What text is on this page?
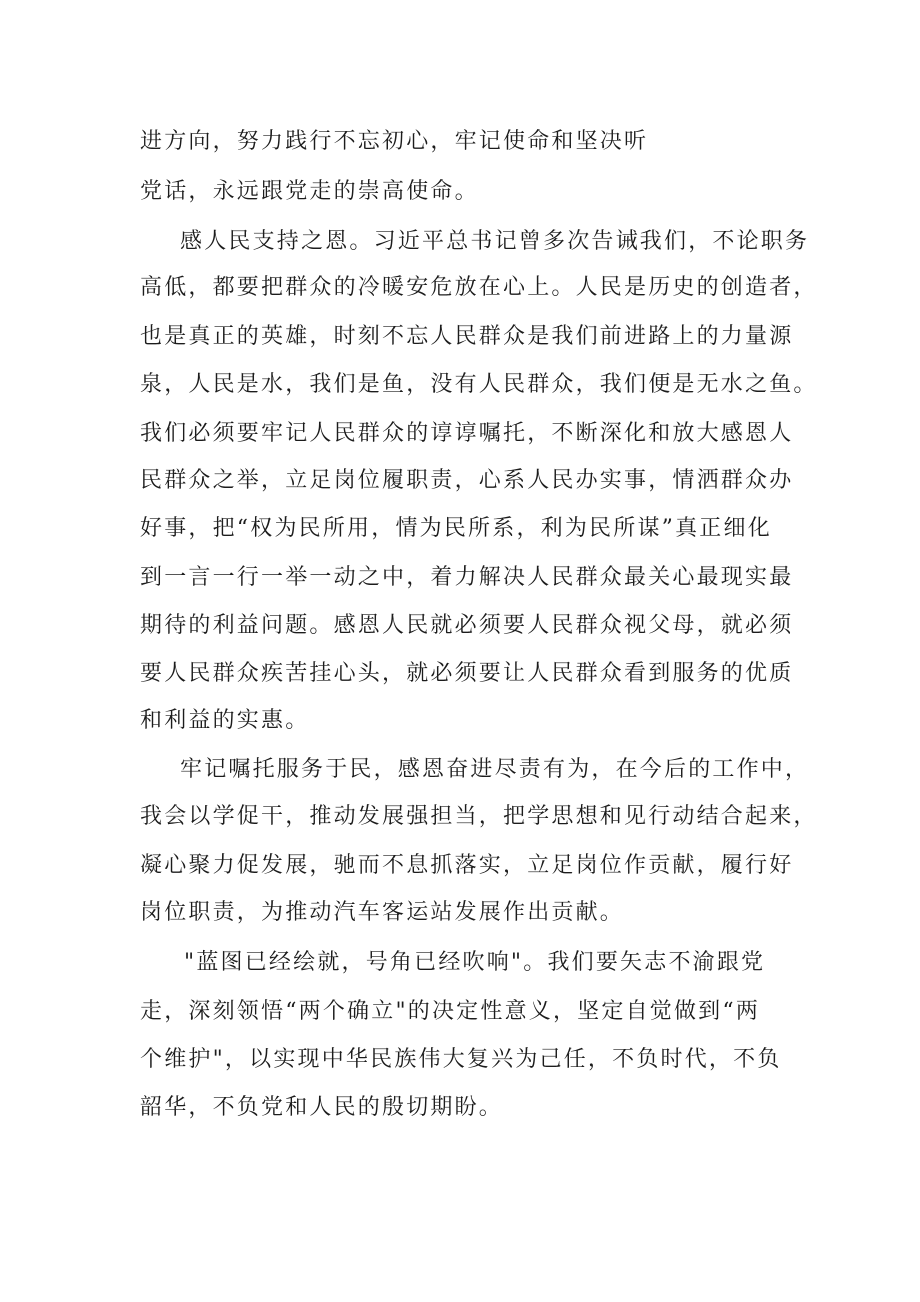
进方向，努力践行不忘初心，牢记使命和坚决听
党话，永远跟党走的崇高使命。
感人民支持之恩。习近平总书记曾多次告诫我们，不论职务
高低，都要把群众的冷暖安危放在心上。人民是历史的创造者，
也是真正的英雄，时刻不忘人民群众是我们前进路上的力量源
泉，人民是水，我们是鱼，没有人民群众，我们便是无水之鱼。
我们必须要牢记人民群众的谆谆嘱托，不断深化和放大感恩人
民群众之举，立足岗位履职责，心系人民办实事，情洒群众办
好事，把“权为民所用，情为民所系，利为民所谋”真正细化
到一言一行一举一动之中，着力解决人民群众最关心最现实最
期待的利益问题。感恩人民就必须要人民群众视父母，就必须
要人民群众疾苦挂心头，就必须要让人民群众看到服务的优质
和利益的实惠。
牢记嘱托服务于民，感恩奋进尽责有为，在今后的工作中，
我会以学促干，推动发展强担当，把学思想和见行动结合起来，
凝心聚力促发展，驰而不息抓落实，立足岗位作贡献，履行好
岗位职责，为推动汽车客运站发展作出贡献。
"蓝图已经绘就，号角已经吹响"。我们要矢志不渝跟党
走，深刻领悟“两个确立"的决定性意义，坚定自觉做到“两
个维护"，以实现中华民族伟大复兴为己任，不负时代，不负
韶华，不负党和人民的殷切期盼。
